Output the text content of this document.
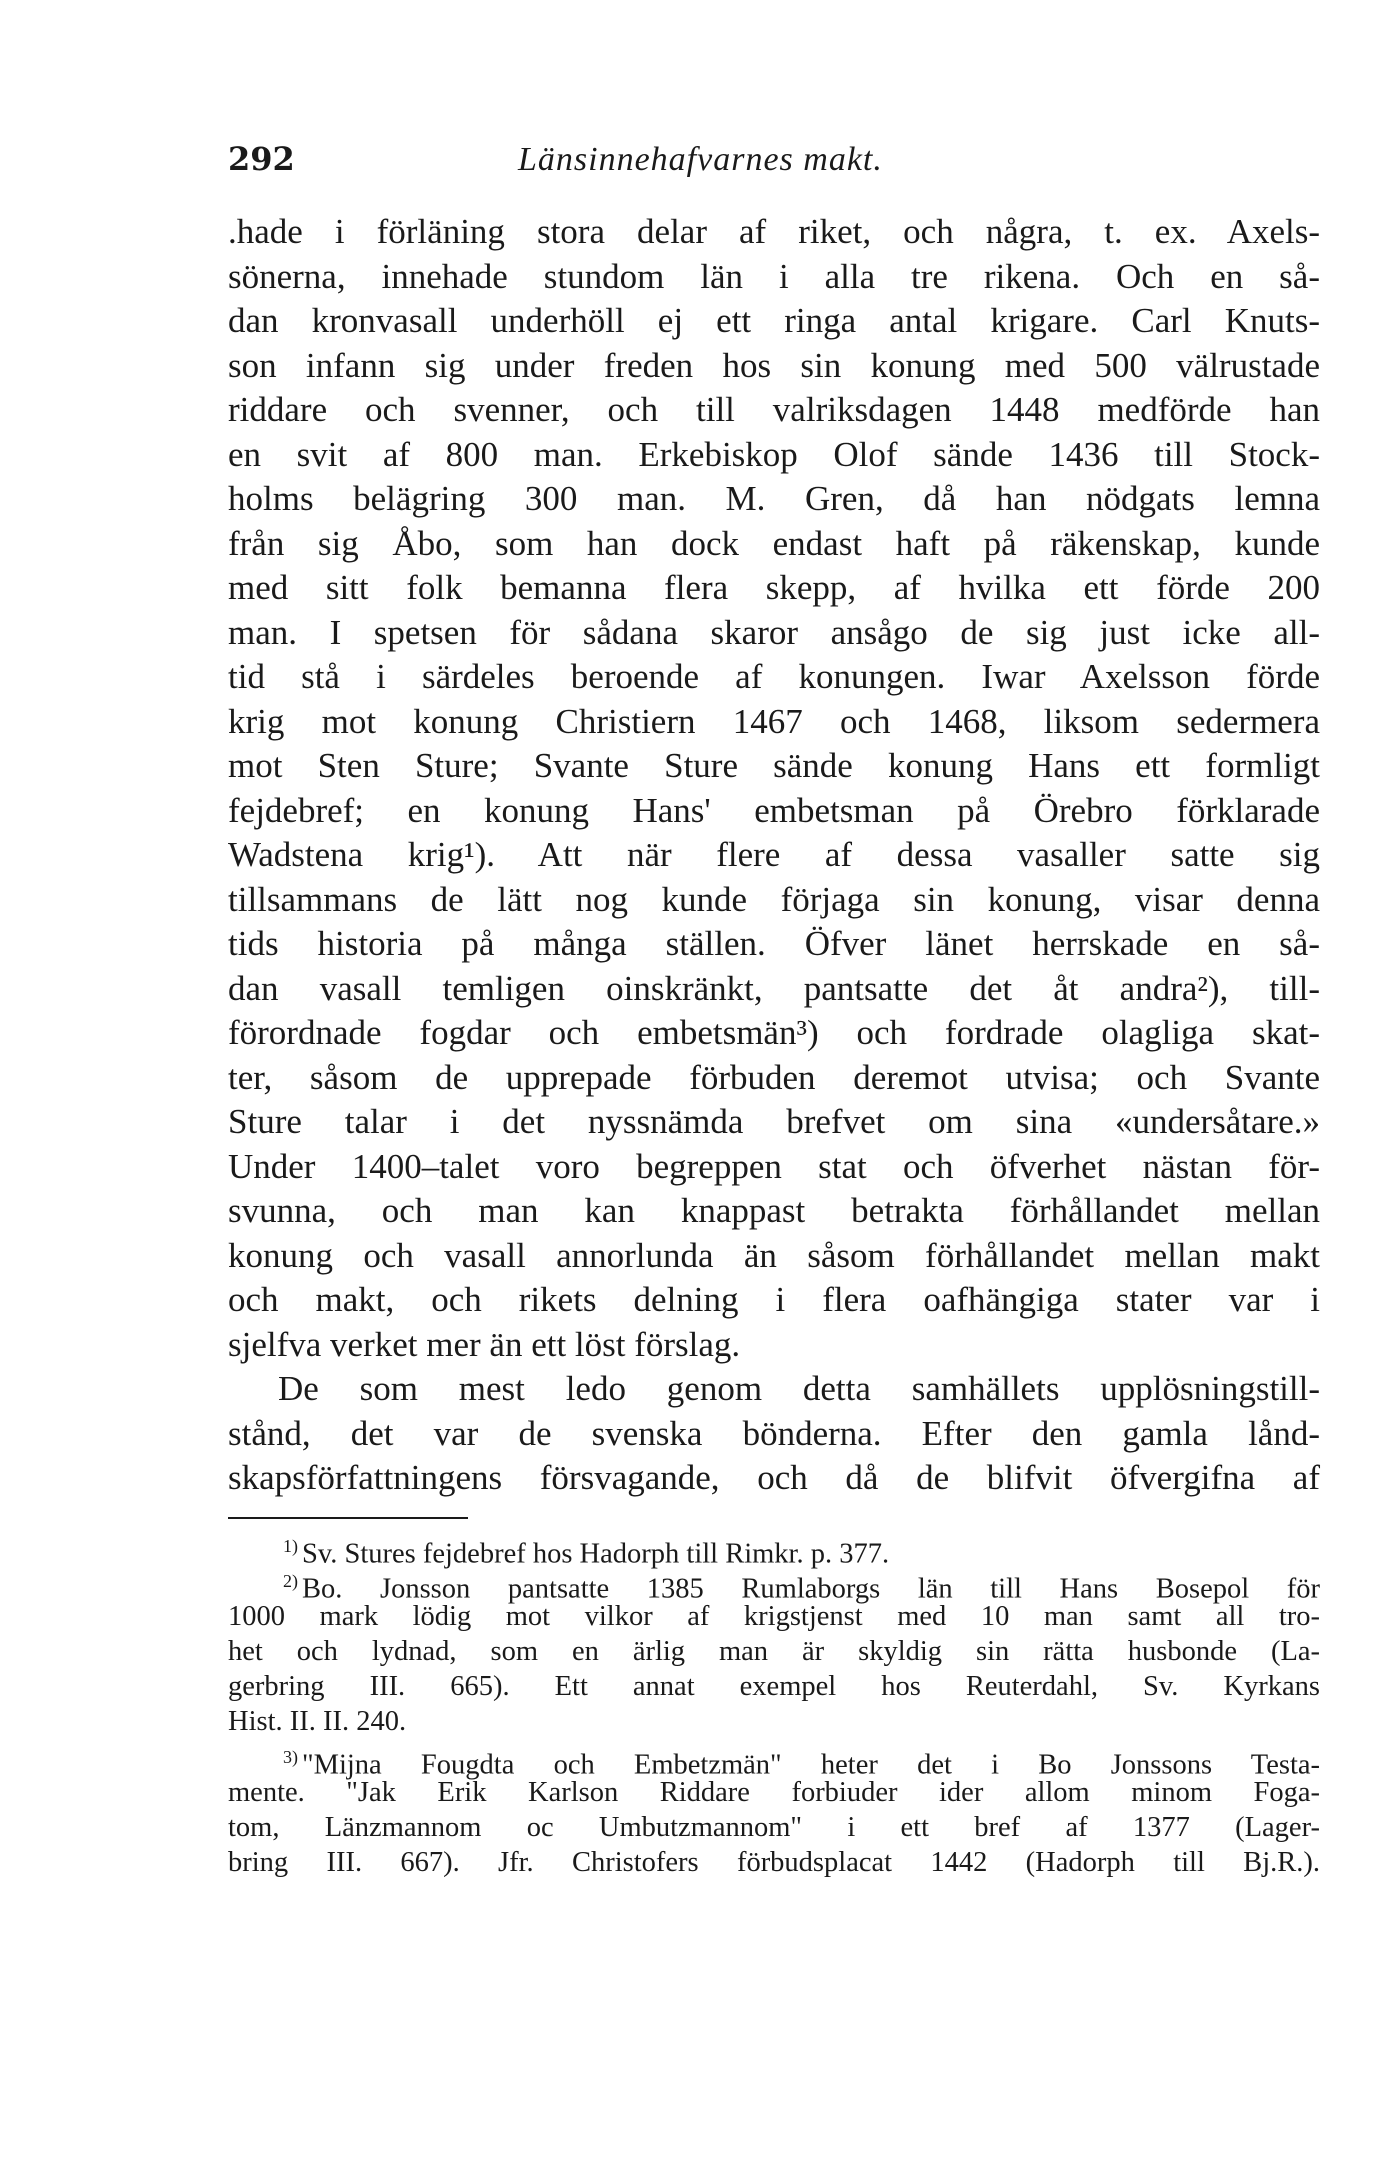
292	Länsinnehafvarnes makt.
.hade i förläning stora delar af riket, och några, t. ex. Axels-
sönerna, innehade stundom län i alla tre rikena. Och en så-
dan kronvasall underhöll ej ett ringa antal krigare. Carl Knuts-
son infann sig under freden hos sin konung med 500 välrustade
riddare och svenner, och till valriksdagen 1448 medförde han
en svit af 800 man. Erkebiskop Olof sände 1436 till Stock-
holms belägring 300 man. M. Gren, då han nödgats lemna
från sig Åbo, som han dock endast haft på räkenskap, kunde
med sitt folk bemanna flera skepp, af hvilka ett förde 200
man. I spetsen för sådana skaror ansågo de sig just icke all-
tid stå i särdeles beroende af konungen. Iwar Axelsson förde
krig mot konung Christiern 1467 och 1468, liksom sedermera
mot Sten Sture; Svante Sture sände konung Hans ett formligt
fejdebref; en konung Hans' embetsman på Örebro förklarade
Wadstena krig¹). Att när flere af dessa vasaller satte sig
tillsammans de lätt nog kunde förjaga sin konung, visar denna
tids historia på många ställen. Öfver länet herrskade en så-
dan vasall temligen oinskränkt, pantsatte det åt andra²), till-
förordnade fogdar och embetsmän³) och fordrade olagliga skat-
ter, såsom de upprepade förbuden deremot utvisa; och Svante
Sture talar i det nyssnämda brefvet om sina «undersåtare.»
Under 1400–talet voro begreppen stat och öfverhet nästan för-
svunna, och man kan knappast betrakta förhållandet mellan
konung och vasall annorlunda än såsom förhållandet mellan makt
och makt, och rikets delning i flera oafhängiga stater var i
sjelfva verket mer än ett löst förslag.
De som mest ledo genom detta samhällets upplösningstill-
stånd, det var de svenska bönderna. Efter den gamla lånd-
skapsförfattningens försvagande, och då de blifvit öfvergifna af
$^{1)}$ Sv. Stures fejdebref hos Hadorph till Rimkr. p. 377.
$^{2)}$ Bo. Jonsson pantsatte 1385 Rumlaborgs län till Hans Bosepol för
1000 mark lödig mot vilkor af krigstjenst med 10 man samt all tro-
het och lydnad, som en ärlig man är skyldig sin rätta husbonde (La-
gerbring III. 665). Ett annat exempel hos Reuterdahl, Sv. Kyrkans
Hist. II. II. 240.
$^{3)}$ "Mijna Fougdta och Embetzmän" heter det i Bo Jonssons Testa-
mente. "Jak Erik Karlson Riddare forbiuder ider allom minom Foga-
tom, Länzmannom oc Umbutzmannom" i ett bref af 1377 (Lager-
bring III. 667). Jfr. Christofers förbudsplacat 1442 (Hadorph till Bj.R.).
